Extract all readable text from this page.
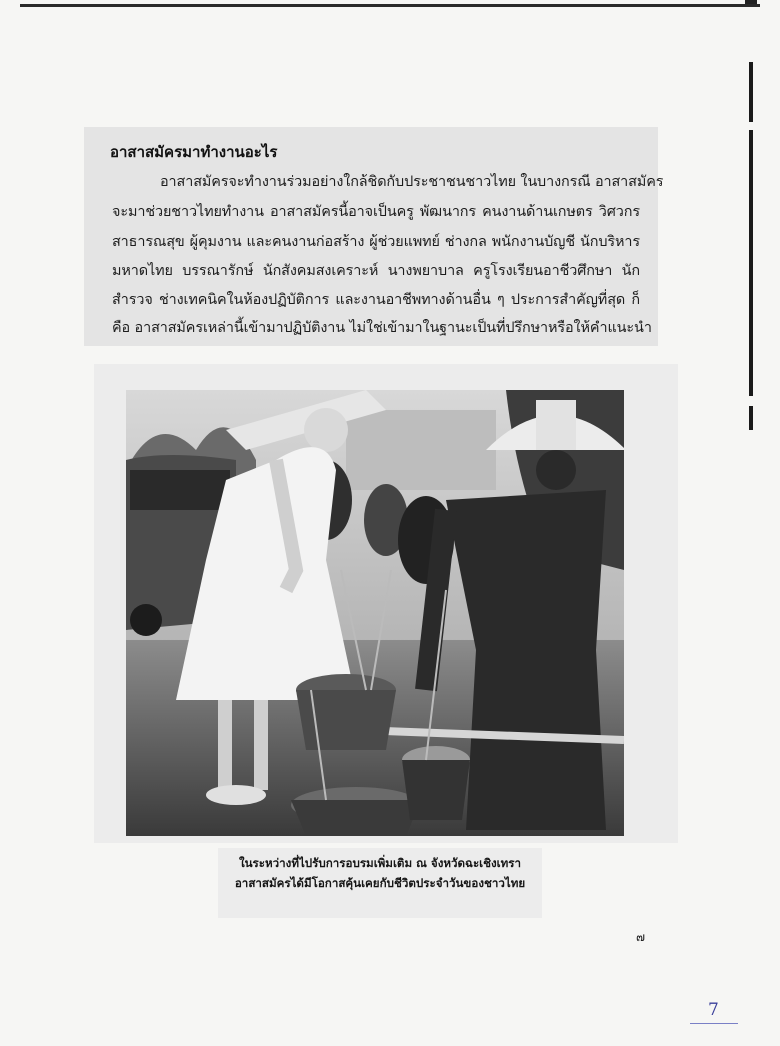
อาสาสมัครมาทำงานอะไร
อาสาสมัครจะทำงานร่วมอย่างใกล้ชิดกับประชาชนชาวไทย ในบางกรณี อาสาสมัคร
จะมาช่วยชาวไทยทำงาน อาสาสมัครนี้อาจเป็นครู พัฒนากร คนงานด้านเกษตร วิศวกร
สาธารณสุข ผู้คุมงาน และคนงานก่อสร้าง ผู้ช่วยแพทย์ ช่างกล พนักงานบัญชี นักบริหาร
มหาดไทย บรรณารักษ์ นักสังคมสงเคราะห์ นางพยาบาล ครูโรงเรียนอาชีวศึกษา นัก
สำรวจ ช่างเทคนิคในห้องปฏิบัติการ และงานอาชีพทางด้านอื่น ๆ ประการสำคัญที่สุด ก็
คือ อาสาสมัครเหล่านี้เข้ามาปฏิบัติงาน ไม่ใช่เข้ามาในฐานะเป็นที่ปรึกษาหรือให้คำแนะนำ
ในระหว่างที่ไปรับการอบรมเพิ่มเติม ณ จังหวัดฉะเชิงเทรา
อาสาสมัครได้มีโอกาสคุ้นเคยกับชีวิตประจำวันของชาวไทย
๗
7
